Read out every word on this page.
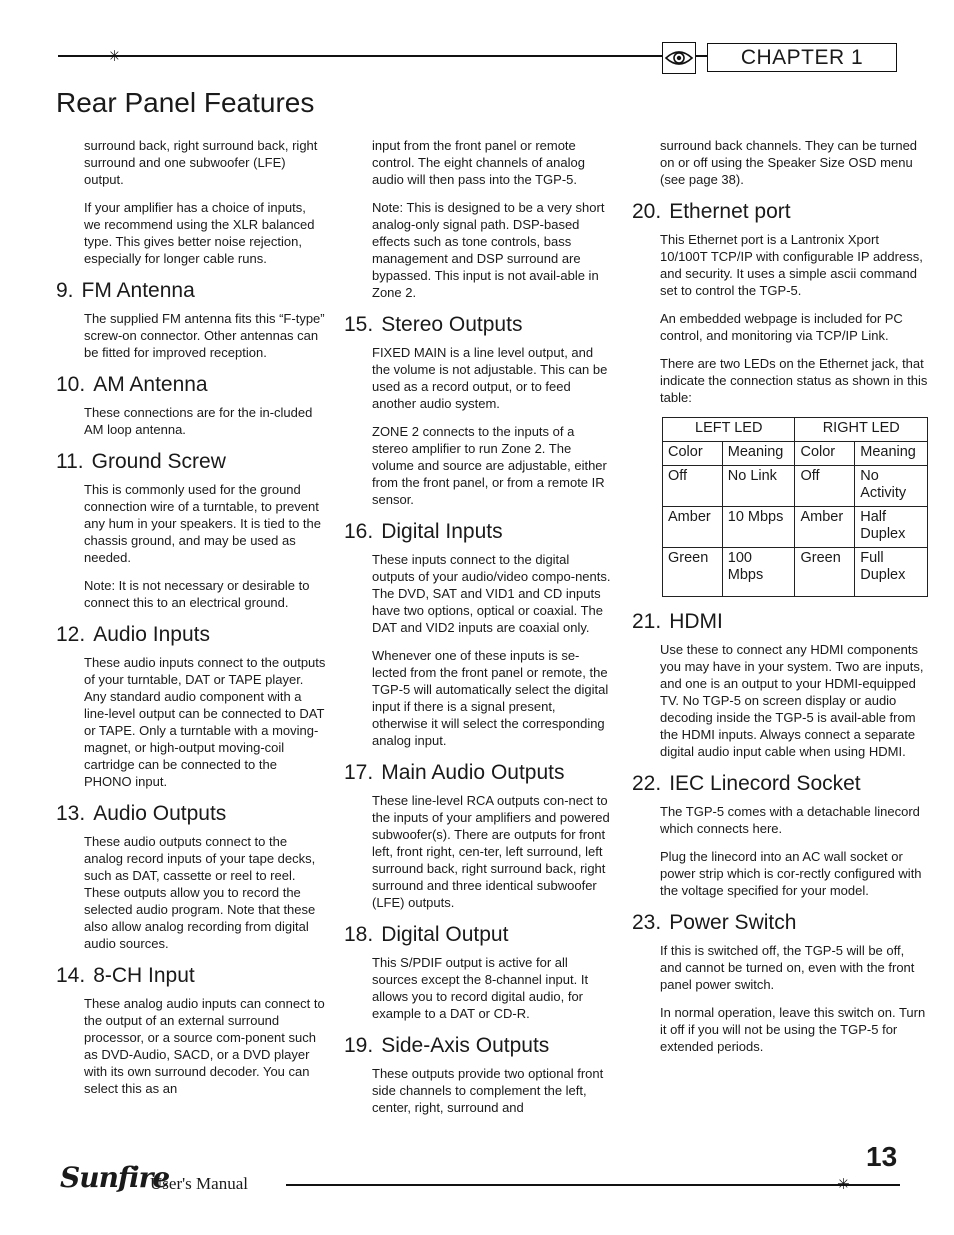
✳	CHAPTER 1
Rear Panel Features

surround back, right surround back, right surround and one subwoofer (LFE) output.

If your amplifier has a choice of inputs, we recommend using the XLR balanced type. This gives better noise rejection, especially for longer cable runs.

9. FM Antenna

The supplied FM antenna fits this “F-type” screw-on connector. Other antennas can be fitted for improved reception.

10. AM Antenna

These connections are for the in-cluded AM loop antenna.

11. Ground Screw

This is commonly used for the ground connection wire of a turntable, to prevent any hum in your speakers. It is tied to the chassis ground, and may be used as needed.

Note: It is not necessary or desirable to connect this to an electrical ground.

12. Audio Inputs

These audio inputs connect to the outputs of your turntable, DAT or TAPE player. Any standard audio component with a line-level output can be connected to DAT or TAPE. Only a turntable with a moving-magnet, or high-output moving-coil cartridge can be connected to the PHONO input.

13. Audio Outputs

These audio outputs connect to the analog record inputs of your tape decks, such as DAT, cassette or reel to reel. These outputs allow you to record the selected audio program. Note that these also allow analog recording from digital audio sources.

14. 8-CH Input

These analog audio inputs can connect to the output of an external surround processor, or a source com-ponent such as DVD-Audio, SACD, or a DVD player with its own surround decoder. You can select this as an

input from the front panel or remote control. The eight channels of analog audio will then pass into the TGP-5.

Note: This is designed to be a very short analog-only signal path. DSP-based effects such as tone controls, bass management and DSP surround are bypassed. This input is not avail-able in Zone 2.

15. Stereo Outputs

FIXED MAIN is a line level output, and the volume is not adjustable. This can be used as a record output, or to feed another audio system.

ZONE 2 connects to the inputs of a stereo amplifier to run Zone 2. The volume and source are adjustable, either from the front panel, or from a remote IR sensor.

16. Digital Inputs

These inputs connect to the digital outputs of your audio/video compo-nents. The DVD, SAT and VID1 and CD inputs have two options, optical or coaxial. The DAT and VID2 inputs are coaxial only.

Whenever one of these inputs is se-lected from the front panel or remote, the TGP-5 will automatically select the digital input if there is a signal present, otherwise it will select the corresponding analog input.

17. Main Audio Outputs

These line-level RCA outputs con-nect to the inputs of your amplifiers and powered subwoofer(s). There are outputs for front left, front right, cen-ter, left surround, left surround back, right surround back, right surround and three identical subwoofer (LFE) outputs.

18. Digital Output

This S/PDIF output is active for all sources except the 8-channel input. It allows you to record digital audio, for example to a DAT or CD-R.

19. Side-Axis Outputs

These outputs provide two optional front side channels to complement the left, center, right, surround and

surround back channels. They can be turned on or off using the Speaker Size OSD menu (see page 38).

20. Ethernet port

This Ethernet port is a Lantronix Xport 10/100T TCP/IP with configurable IP address, and security. It uses a simple ascii command set to control the TGP-5.

An embedded webpage is included for PC control, and monitoring via TCP/IP Link.

There are two LEDs on the Ethernet jack, that indicate the connection status as shown in this table:

LEFT LED		RIGHT LED	
Color	Meaning	Color	Meaning
Off	No Link	Off	No Activity
Amber	10 Mbps	Amber	Half Duplex
Green	100 Mbps	Green	Full Duplex
21. HDMI

Use these to connect any HDMI components you may have in your system. Two are inputs, and one is an output to your HDMI-equipped TV. No TGP-5 on screen display or audio decoding inside the TGP-5 is avail-able from the HDMI inputs. Always connect a separate digital audio input cable when using HDMI.

22. IEC Linecord Socket

The TGP-5 comes with a detachable linecord which connects here.

Plug the linecord into an AC wall socket or power strip which is cor-rectly configured with the voltage specified for your model.

23. Power Switch

If this is switched off, the TGP-5 will be off, and cannot be turned on, even with the front panel power switch.

In normal operation, leave this switch on. Turn it off if you will not be using the TGP-5 for extended periods.

13
Sunfire
User's Manual	✳
